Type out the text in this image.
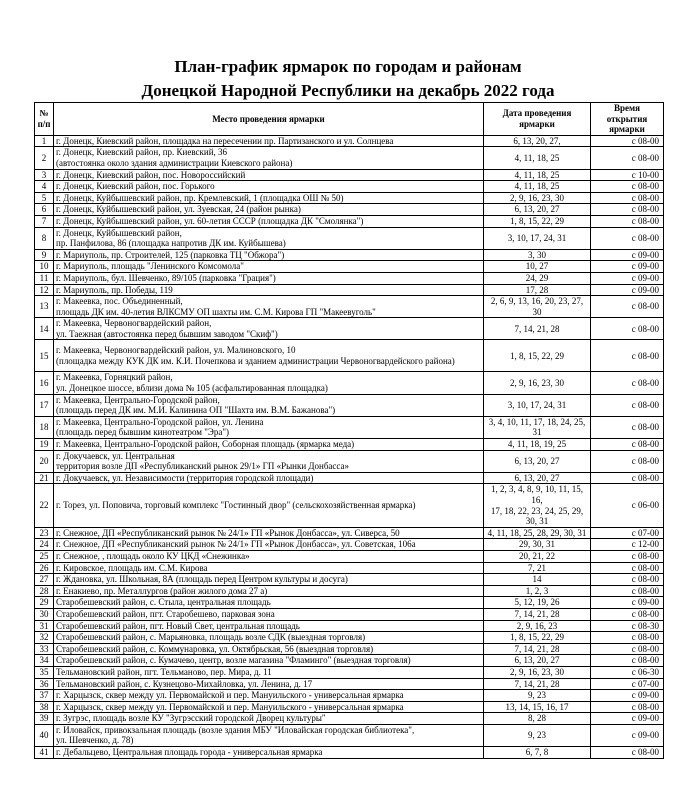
План-график ярмарок по городам и районам
Донецкой Народной Республики на декабрь 2022 года
№ п/п	Место проведения ярмарки	Дата проведения ярмарки	Время открытия ярмарки
1	г. Донецк, Киевский район, площадка на пересечении пр. Партизанского и ул. Солнцева	6, 13, 20, 27,	с 08-00
2	г. Донецк, Киевский район, пр. Киевский, 36
(автостоянка около здания администрации Киевского района)	4, 11, 18, 25	с 08-00
3	г. Донецк, Киевский район, пос. Новороссийский	4, 11, 18, 25	с 10-00
4	г. Донецк, Киевский район, пос. Горького	4, 11, 18, 25	с 08-00
5	г. Донецк, Куйбышевский район, пр. Кремлевский, 1 (площадка ОШ № 50)	2, 9, 16, 23, 30	с 08-00
6	г. Донецк, Куйбышевский район, ул. Зуевская, 24 (район рынка)	6, 13, 20, 27	с 08-00
7	г. Донецк, Куйбышевский район, ул. 60-летия СССР (площадка ДК "Смолянка")	1, 8, 15, 22, 29	с 08-00
8	г. Донецк, Куйбышевский район,
пр. Панфилова, 86 (площадка напротив ДК им. Куйбышева)	3, 10, 17, 24, 31	с 08-00
9	г. Мариуполь, пр. Строителей, 125 (парковка ТЦ "Обжора")	3, 30	с 09-00
10	г. Мариуполь, площадь "Ленинского Комсомола"	10, 27	с 09-00
11	г. Мариуполь, бул. Шевченко, 89/105 (парковка "Грация")	24, 29	с 09-00
12	г. Мариуполь, пр. Победы, 119	17, 28	с 09-00
13	г. Макеевка, пос. Объединенный,
площадь ДК им. 40-летия ВЛКСМУ ОП шахты им. С.М. Кирова ГП "Макеевуголь"	2, 6, 9, 13, 16, 20, 23, 27, 30	с 08-00
14	г. Макеевка, Червоногвардейский район,
ул. Таежная (автостоянка перед бывшим заводом "Скиф")	7, 14, 21, 28	с 08-00
15	г. Макеевка, Червоногвардейский район, ул. Малиновского, 10
(площадка между КУК ДК им. К.И. Почепкова и зданием администрации Червоногвардейского района)	1, 8, 15, 22, 29	с 08-00
16	г. Макеевка, Горняцкий район,
ул. Донецкое шоссе, вблизи дома № 105 (асфальтированная площадка)	2, 9, 16, 23, 30	с 08-00
17	г. Макеевка, Центрально-Городской район,
(площадь перед ДК им. М.И. Калинина ОП "Шахта им. В.М. Бажанова")	3, 10, 17, 24, 31	с 08-00
18	г. Макеевка, Центрально-Городской район, ул. Ленина
(площадь перед бывшим кинотеатром "Эра")	3, 4, 10, 11, 17, 18, 24, 25, 31	с 08-00
19	г. Макеевка, Центрально-Городской район, Соборная площадь (ярмарка меда)	4, 11, 18, 19, 25	с 08-00
20	г. Докучаевск, ул. Центральная
территория возле ДП «Республиканский рынок 29/1» ГП «Рынки Донбасса»	6, 13, 20, 27	с 08-00
21	г. Докучаевск, ул. Независимости (территория городской площади)	6, 13, 20, 27	с 08-00
22	г. Торез, ул. Поповича, торговый комплекс "Гостинный двор" (сельскохозяйственная ярмарка)	1, 2, 3, 4, 8, 9, 10, 11, 15, 16,
17, 18, 22, 23, 24, 25, 29, 30, 31	с 06-00
23	г. Снежное, ДП «Республиканский рынок № 24/1» ГП «Рынок Донбасса», ул. Сиверса, 50	4, 11, 18, 25, 28, 29, 30, 31	с 07-00
24	г. Снежное, ДП «Республиканский рынок № 24/1» ГП «Рынок Донбасса», ул. Советская, 106а	29, 30, 31	с 12-00
25	г. Снежное, , площадь около КУ ЦКД «Снежинка»	20, 21, 22	с 08-00
26	г. Кировское, площадь им. С.М. Кирова	7, 21	с 08-00
27	г. Ждановка, ул. Школьная, 8А (площадь перед Центром культуры и досуга)	14	с 08-00
28	г. Енакиево, пр. Металлургов (район жилого дома 27 а)	1, 2, 3	с 08-00
29	Старобешевский район, с. Стыла, центральная площадь	5, 12, 19, 26	с 09-00
30	Старобешевский район, пгт. Старобешево, парковая зона	7, 14, 21, 28	с 08-00
31	Старобешевский район, пгт. Новый Свет, центральная площадь	2, 9, 16, 23	с 08-30
32	Старобешевский район, с. Марьяновка, площадь возле СДК (выездная торговля)	1, 8, 15, 22, 29	с 08-00
33	Старобешевский район, с. Коммунаровка, ул. Октябрьская, 56 (выездная торговля)	7, 14, 21, 28	с 08-00
34	Старобешевский район, с. Кумачево, центр, возле магазина "Фламинго" (выездная торговля)	6, 13, 20, 27	с 08-00
35	Тельмановский район, пгт. Тельманово, пер. Мира, д. 11	2, 9, 16, 23, 30	с 06-30
36	Тельмановский район, с. Кузнецово-Михайловка, ул. Ленина, д. 17	7, 14, 21, 28	с 07-00
37	г. Харцызск, сквер между ул. Первомайской и пер. Мануильского - универсальная ярмарка	9, 23	с 09-00
38	г. Харцызск, сквер между ул. Первомайской и пер. Мануильского - универсальная ярмарка	13, 14, 15, 16, 17	с 08-00
39	г. Зугрэс, площадь возле КУ "Зугрэсский городской Дворец культуры"	8, 28	с 09-00
40	г. Иловайск, привокзальная площадь (возле здания МБУ "Иловайская городская библиотека",
ул. Шевченко, д. 78)	9, 23	с 09-00
41	г. Дебальцево, Центральная площадь города - универсальная ярмарка	6, 7, 8	с 08-00
